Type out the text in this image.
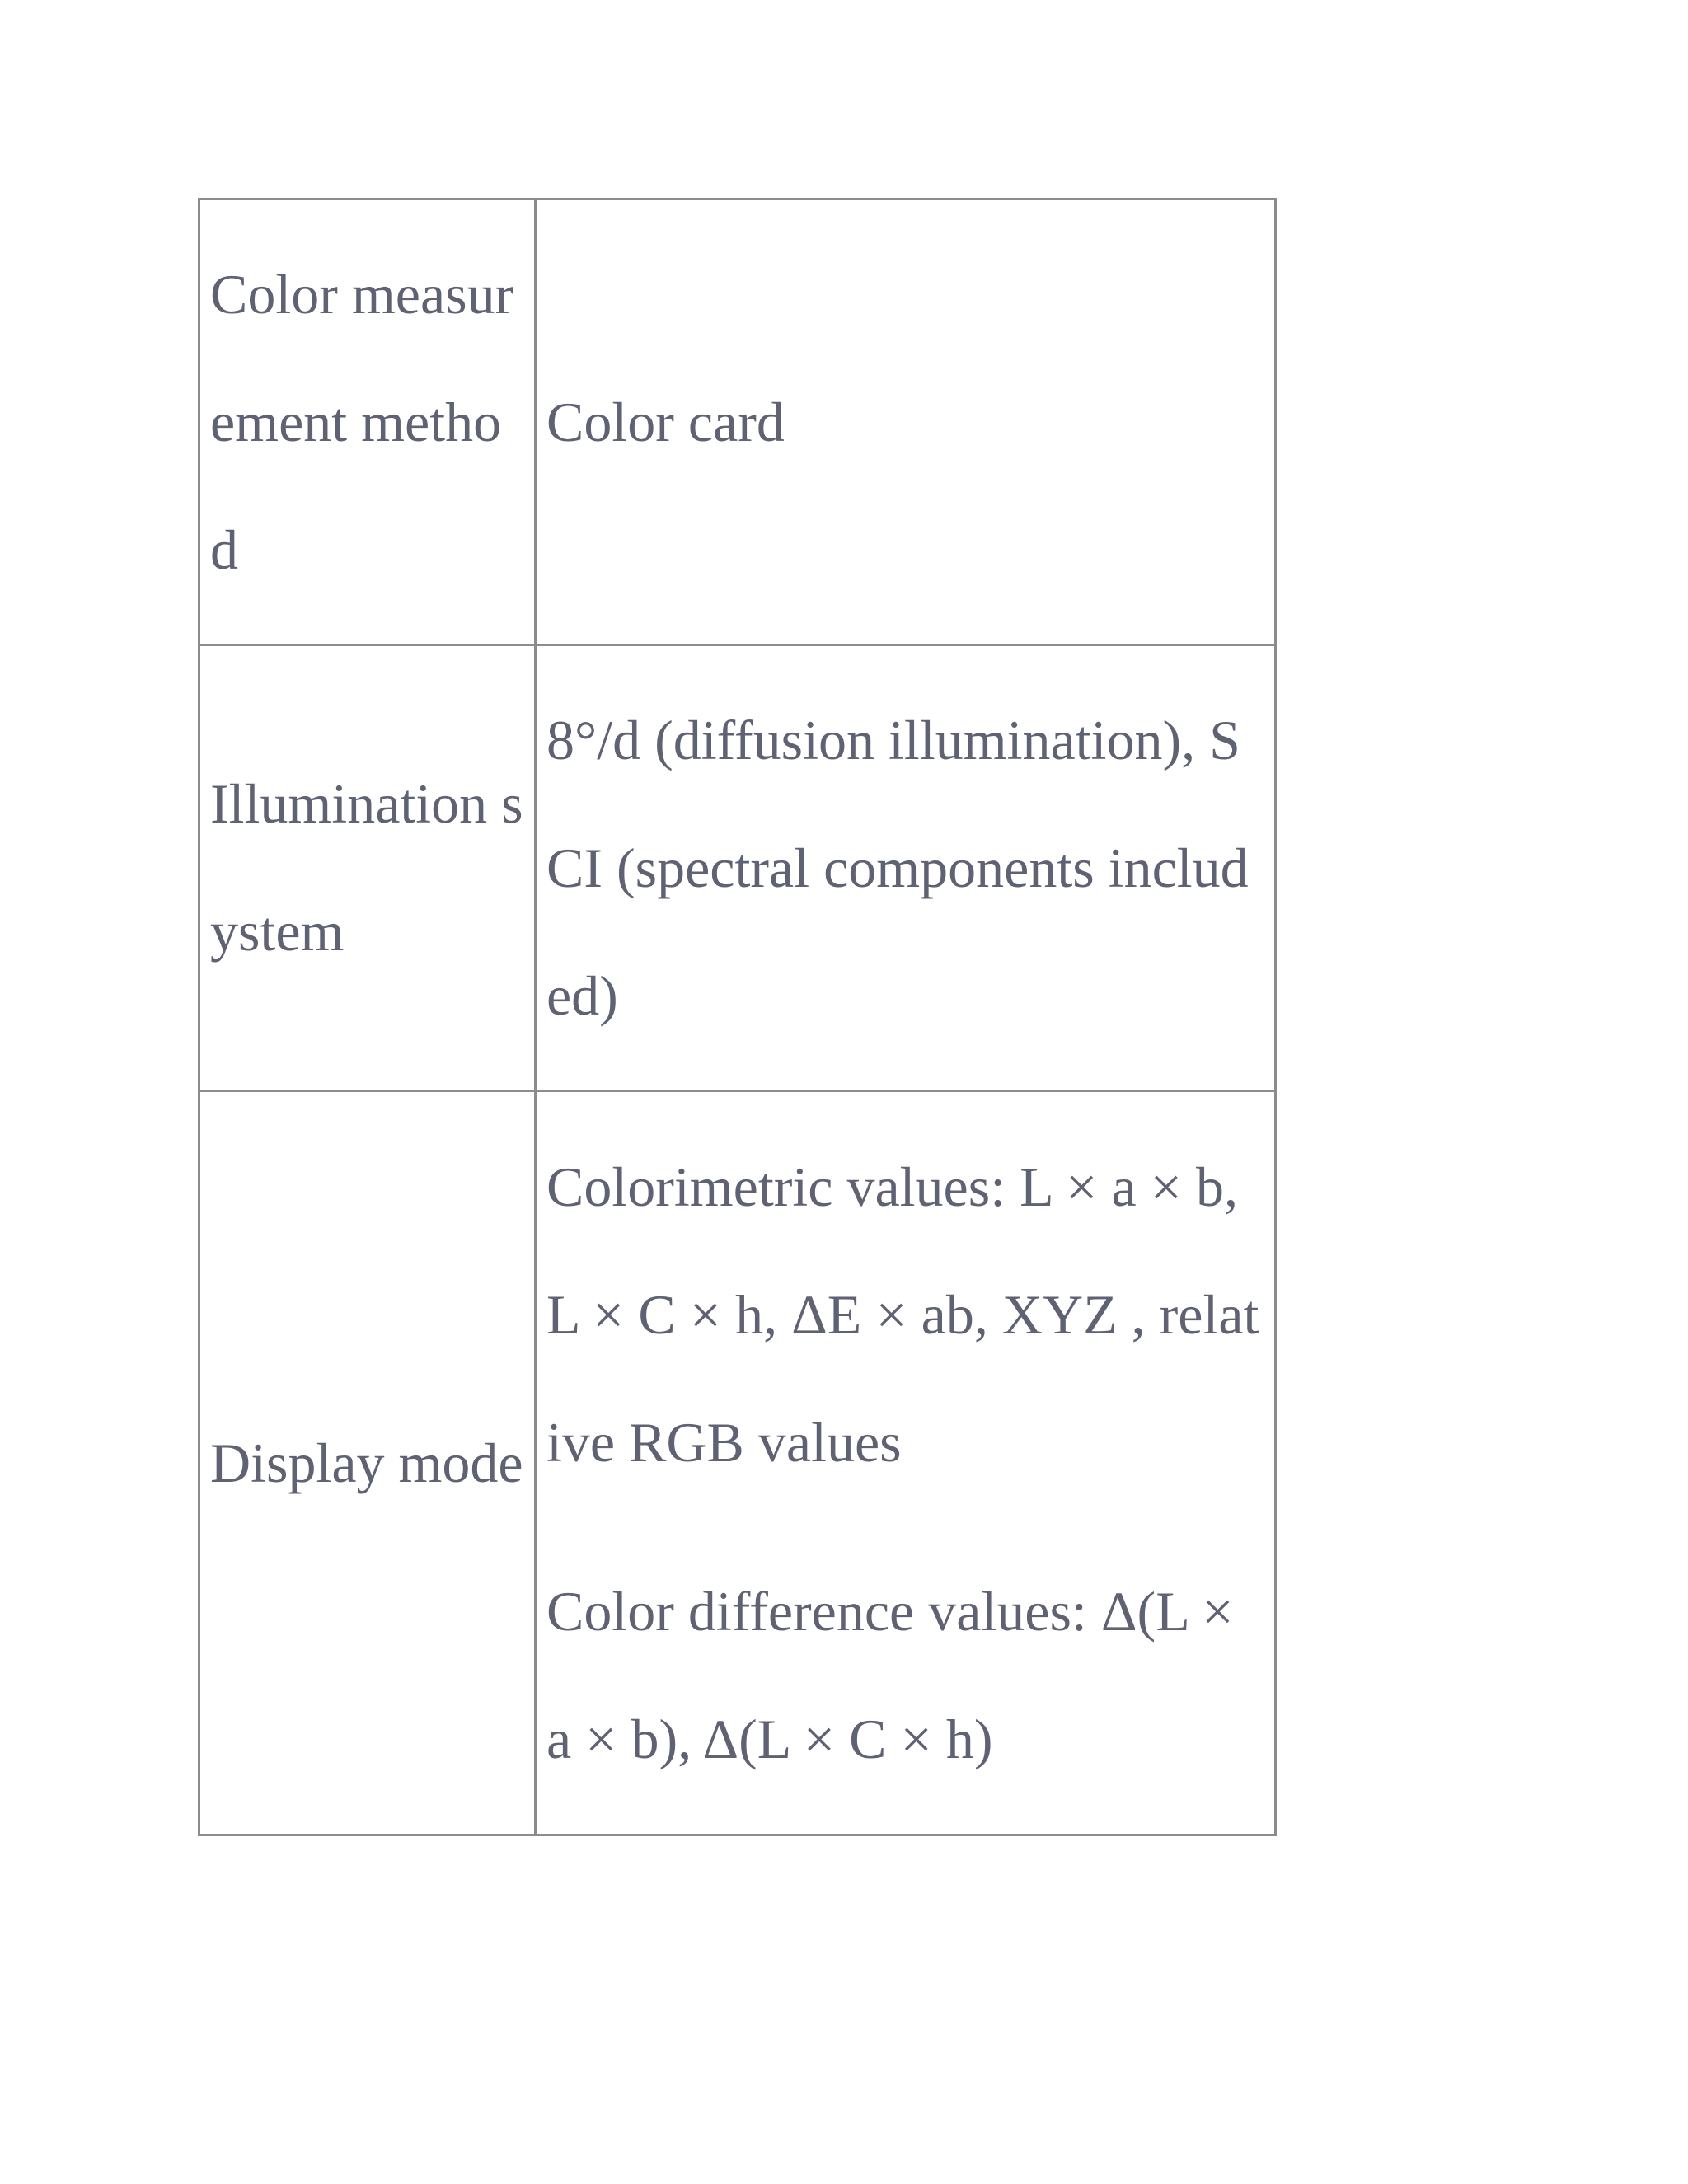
Color measurement method	Color card

Illumination system	8°/d (diffusion illumination), SCI (spectral components included)

Display mode	Colorimetric values: L × a × b, L × C × h, ΔE × ab, XYZ , relative RGB values
Color difference values: Δ(L × a × b), Δ(L × C × h)
